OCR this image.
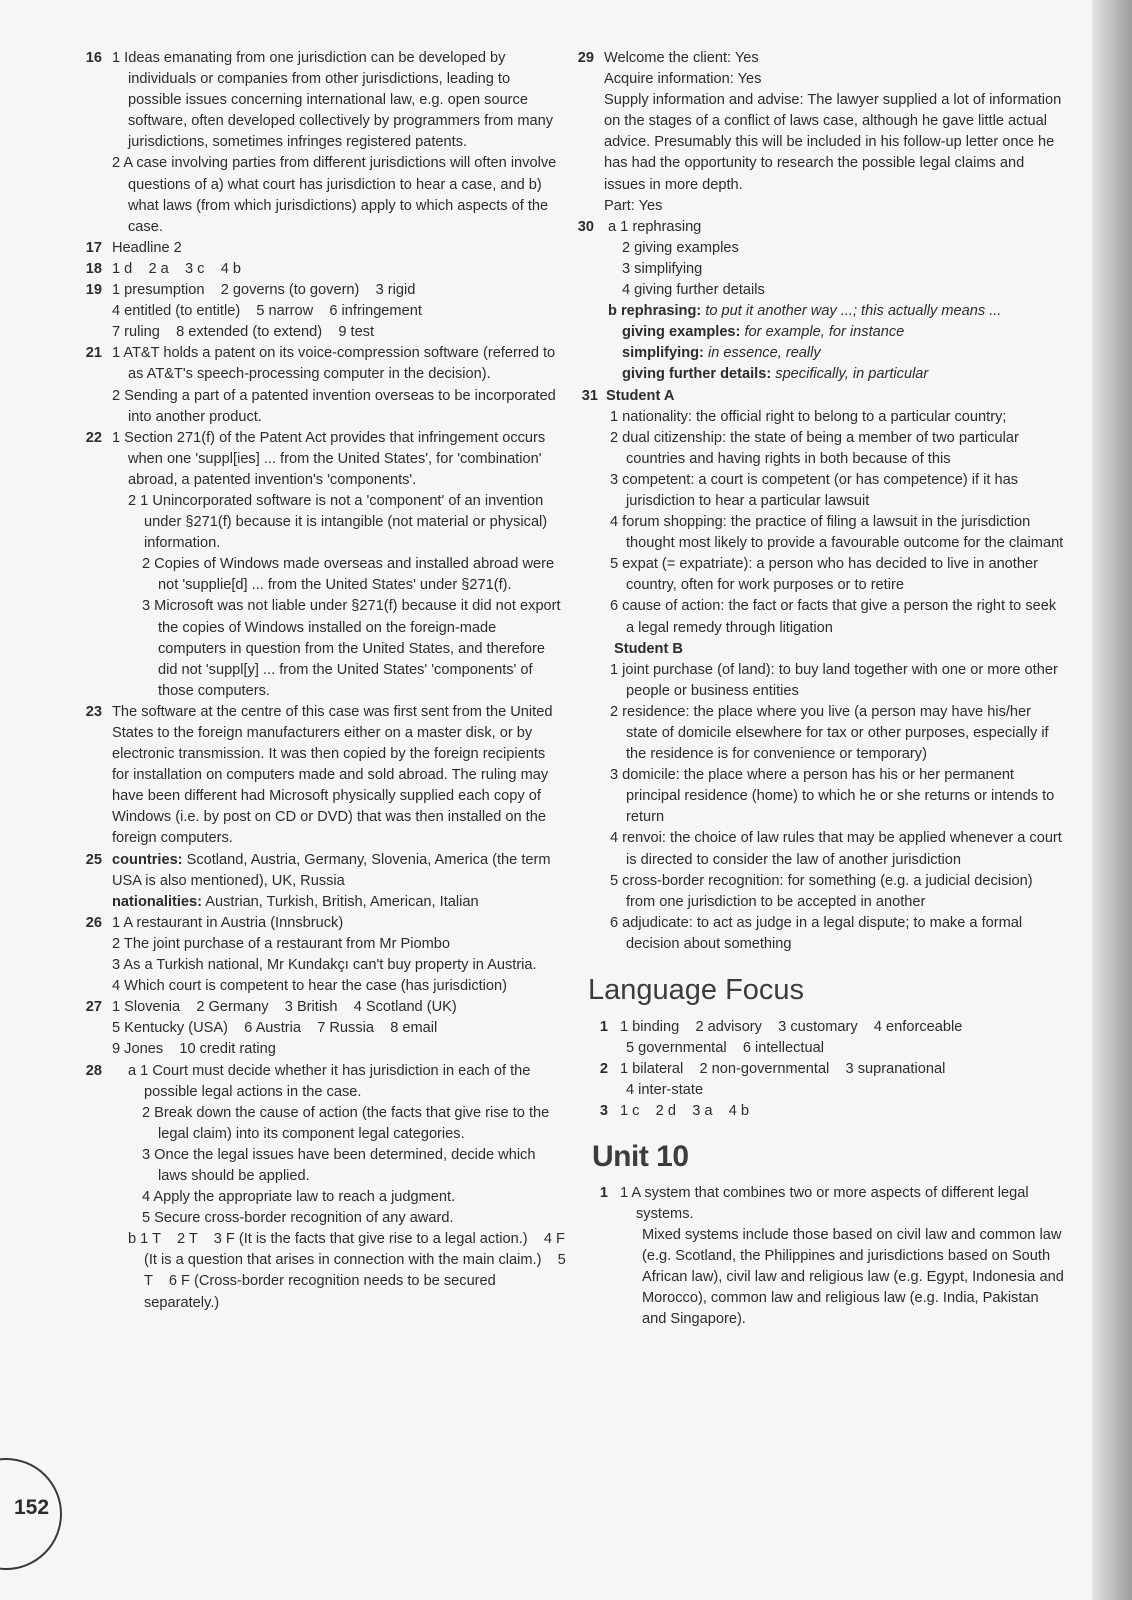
152
16 1 Ideas emanating from one jurisdiction can be developed by individuals or companies from other jurisdictions, leading to possible issues concerning international law, e.g. open source software, often developed collectively by programmers from many jurisdictions, sometimes infringes registered patents.
2 A case involving parties from different jurisdictions will often involve questions of a) what court has jurisdiction to hear a case, and b) what laws (from which jurisdictions) apply to which aspects of the case.
17 Headline 2
18 1 d    2 a    3 c    4 b
19 1 presumption    2 governs (to govern)    3 rigid
4 entitled (to entitle)    5 narrow    6 infringement
7 ruling    8 extended (to extend)    9 test
21 1 AT&T holds a patent on its voice-compression software (referred to as AT&T's speech-processing computer in the decision).
2 Sending a part of a patented invention overseas to be incorporated into another product.
22 1 Section 271(f) of the Patent Act provides that infringement occurs when one 'suppl[ies] ... from the United States', for 'combination' abroad, a patented invention's 'components'.
2 1 Unincorporated software is not a 'component' of an invention under §271(f) because it is intangible (not material or physical) information.
2 Copies of Windows made overseas and installed abroad were not 'supplie[d] ... from the United States' under §271(f).
3 Microsoft was not liable under §271(f) because it did not export the copies of Windows installed on the foreign-made computers in question from the United States, and therefore did not 'suppl[y] ... from the United States' 'components' of those computers.
23 The software at the centre of this case was first sent from the United States to the foreign manufacturers either on a master disk, or by electronic transmission. It was then copied by the foreign recipients for installation on computers made and sold abroad. The ruling may have been different had Microsoft physically supplied each copy of Windows (i.e. by post on CD or DVD) that was then installed on the foreign computers.
25 countries: Scotland, Austria, Germany, Slovenia, America (the term USA is also mentioned), UK, Russia
nationalities: Austrian, Turkish, British, American, Italian
26 1 A restaurant in Austria (Innsbruck)
2 The joint purchase of a restaurant from Mr Piombo
3 As a Turkish national, Mr Kundakçı can't buy property in Austria.
4 Which court is competent to hear the case (has jurisdiction)
27 1 Slovenia    2 Germany    3 British    4 Scotland (UK)
5 Kentucky (USA)    6 Austria    7 Russia    8 email
9 Jones    10 credit rating
28	a 1 Court must decide whether it has jurisdiction in each of the possible legal actions in the case.
2 Break down the cause of action (the facts that give rise to the legal claim) into its component legal categories.
3 Once the legal issues have been determined, decide which laws should be applied.
4 Apply the appropriate law to reach a judgment.
5 Secure cross-border recognition of any award.
b 1 T    2 T    3 F (It is the facts that give rise to a legal action.)    4 F (It is a question that arises in connection with the main claim.)    5 T    6 F (Cross-border recognition needs to be secured separately.)
29 Welcome the client: Yes
Acquire information: Yes
Supply information and advise: The lawyer supplied a lot of information on the stages of a conflict of laws case, although he gave little actual advice. Presumably this will be included in his follow-up letter once he has had the opportunity to research the possible legal claims and issues in more depth.
Part: Yes
30 a 1 rephrasing
2 giving examples
3 simplifying
4 giving further details
b rephrasing: to put it another way ...; this actually means ...
giving examples: for example, for instance
simplifying: in essence, really
giving further details: specifically, in particular
31 Student A
1 nationality: the official right to belong to a particular country;
2 dual citizenship: the state of being a member of two particular countries and having rights in both because of this
3 competent: a court is competent (or has competence) if it has jurisdiction to hear a particular lawsuit
4 forum shopping: the practice of filing a lawsuit in the jurisdiction thought most likely to provide a favourable outcome for the claimant
5 expat (= expatriate): a person who has decided to live in another country, often for work purposes or to retire
6 cause of action: the fact or facts that give a person the right to seek a legal remedy through litigation
Student B
1 joint purchase (of land): to buy land together with one or more other people or business entities
2 residence: the place where you live (a person may have his/her state of domicile elsewhere for tax or other purposes, especially if the residence is for convenience or temporary)
3 domicile: the place where a person has his or her permanent principal residence (home) to which he or she returns or intends to return
4 renvoi: the choice of law rules that may be applied whenever a court is directed to consider the law of another jurisdiction
5 cross-border recognition: for something (e.g. a judicial decision) from one jurisdiction to be accepted in another
6 adjudicate: to act as judge in a legal dispute; to make a formal decision about something
Language Focus
1 1 binding    2 advisory    3 customary    4 enforceable
5 governmental    6 intellectual
2 1 bilateral    2 non-governmental    3 supranational
4 inter-state
3 1 c    2 d    3 a    4 b
Unit 10
1 1 A system that combines two or more aspects of different legal systems.
Mixed systems include those based on civil law and common law (e.g. Scotland, the Philippines and jurisdictions based on South African law), civil law and religious law (e.g. Egypt, Indonesia and Morocco), common law and religious law (e.g. India, Pakistan and Singapore).
